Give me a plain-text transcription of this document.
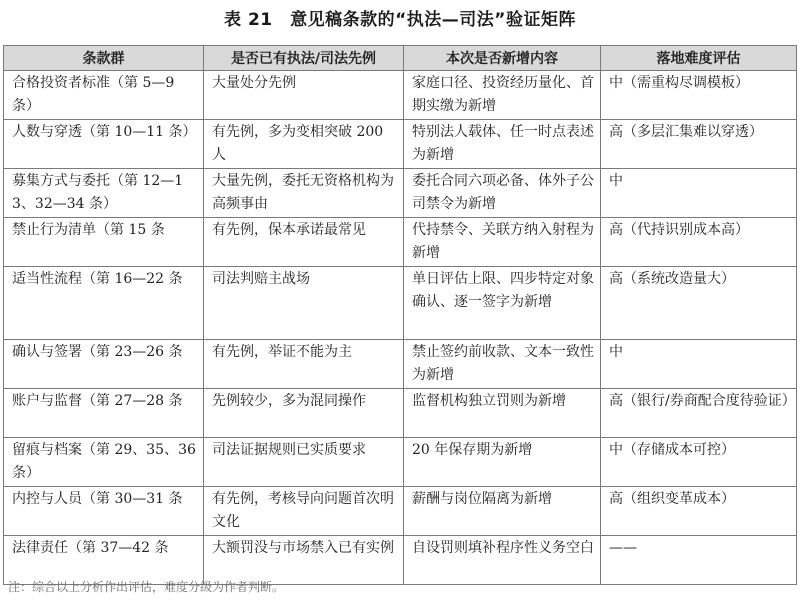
表 21　意见稿条款的“执法—司法”验证矩阵
条款群	是否已有执法/司法先例	本次是否新增内容	落地难度评估
合格投资者标准（第 5—9 条）	大量处分先例	家庭口径、投资经历量化、首期实缴为新增	中（需重构尽调模板）
人数与穿透（第 10—11 条）	有先例，多为变相突破 200 人	特别法人载体、任一时点表述为新增	高（多层汇集难以穿透）
募集方式与委托（第 12—13、32—34 条）	大量先例，委托无资格机构为高频事由	委托合同六项必备、体外子公司禁令为新增	中
禁止行为清单（第 15 条	有先例，保本承诺最常见	代持禁令、关联方纳入射程为新增	高（代持识别成本高）
适当性流程（第 16—22 条	司法判赔主战场	单日评估上限、四步特定对象确认、逐一签字为新增	高（系统改造量大）
确认与签署（第 23—26 条	有先例，举证不能为主	禁止签约前收款、文本一致性为新增	中
账户与监督（第 27—28 条	先例较少，多为混同操作	监督机构独立罚则为新增	高（银行/券商配合度待验证）
留痕与档案（第 29、35、36 条）	司法证据规则已实质要求	20 年保存期为新增	中（存储成本可控）
内控与人员（第 30—31 条	有先例，考核导向问题首次明文化	薪酬与岗位隔离为新增	高（组织变革成本）
法律责任（第 37—42 条	大额罚没与市场禁入已有实例	自设罚则填补程序性义务空白	——
注：综合以上分析作出评估，难度分级为作者判断。
